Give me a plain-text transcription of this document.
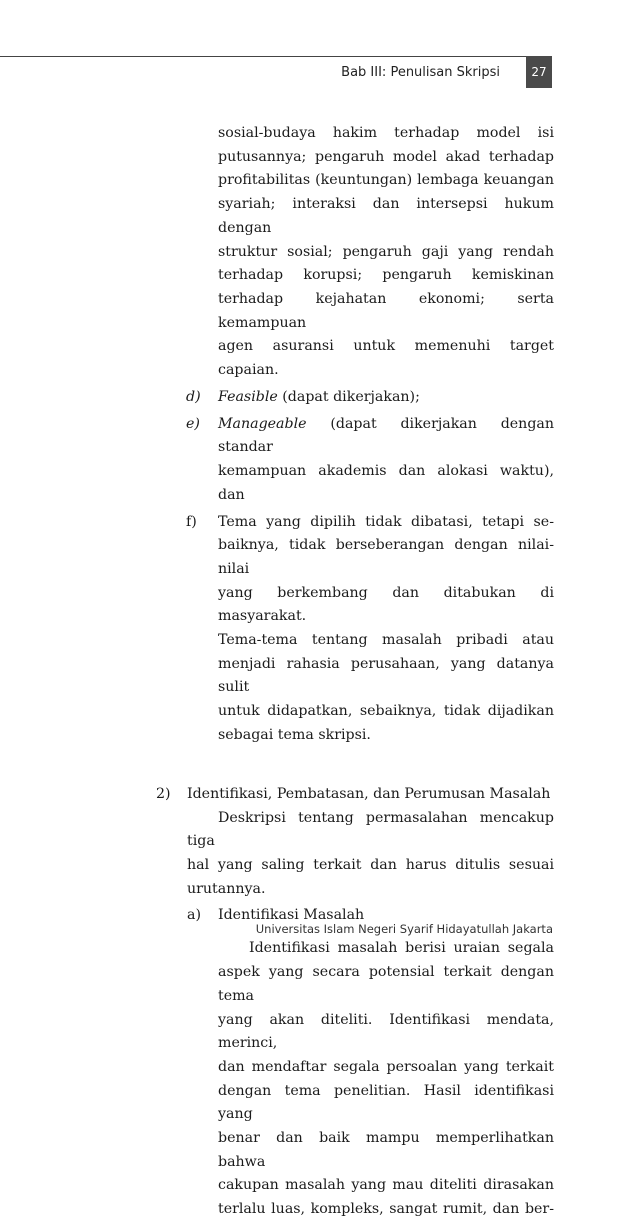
Bab III: Penulisan Skripsi	27

sosial-budaya hakim terhadap model isi

putusannya; pengaruh model akad terhadap

profitabilitas (keuntungan) lembaga keuangan

syariah; interaksi dan intersepsi hukum dengan

struktur sosial; pengaruh gaji yang rendah

terhadap korupsi; pengaruh kemiskinan

terhadap kejahatan ekonomi; serta kemampuan

agen asuransi untuk memenuhi target capaian.

d) Feasible (dapat dikerjakan);
e) Manageable (dapat dikerjakan dengan standar

kemampuan akademis dan alokasi waktu), dan

f) Tema yang dipilih tidak dibatasi, tetapi se-

baiknya, tidak berseberangan dengan nilai-nilai

yang berkembang dan ditabukan di masyarakat.

Tema-tema tentang masalah pribadi atau

menjadi rahasia perusahaan, yang datanya sulit

untuk didapatkan, sebaiknya, tidak dijadikan

sebagai tema skripsi.

2) Identifikasi, Pembatasan, dan Perumusan Masalah

Deskripsi tentang permasalahan mencakup tiga

hal yang saling terkait dan harus ditulis sesuai

urutannya.

a) Identifikasi Masalah

Identifikasi masalah berisi uraian segala

aspek yang secara potensial terkait dengan tema

yang akan diteliti. Identifikasi mendata, merinci,

dan mendaftar segala persoalan yang terkait

dengan tema penelitian. Hasil identifikasi yang

benar dan baik mampu memperlihatkan bahwa

cakupan masalah yang mau diteliti dirasakan

terlalu luas, kompleks, sangat rumit, dan ber-

Universitas Islam Negeri Syarif Hidayatullah Jakarta
